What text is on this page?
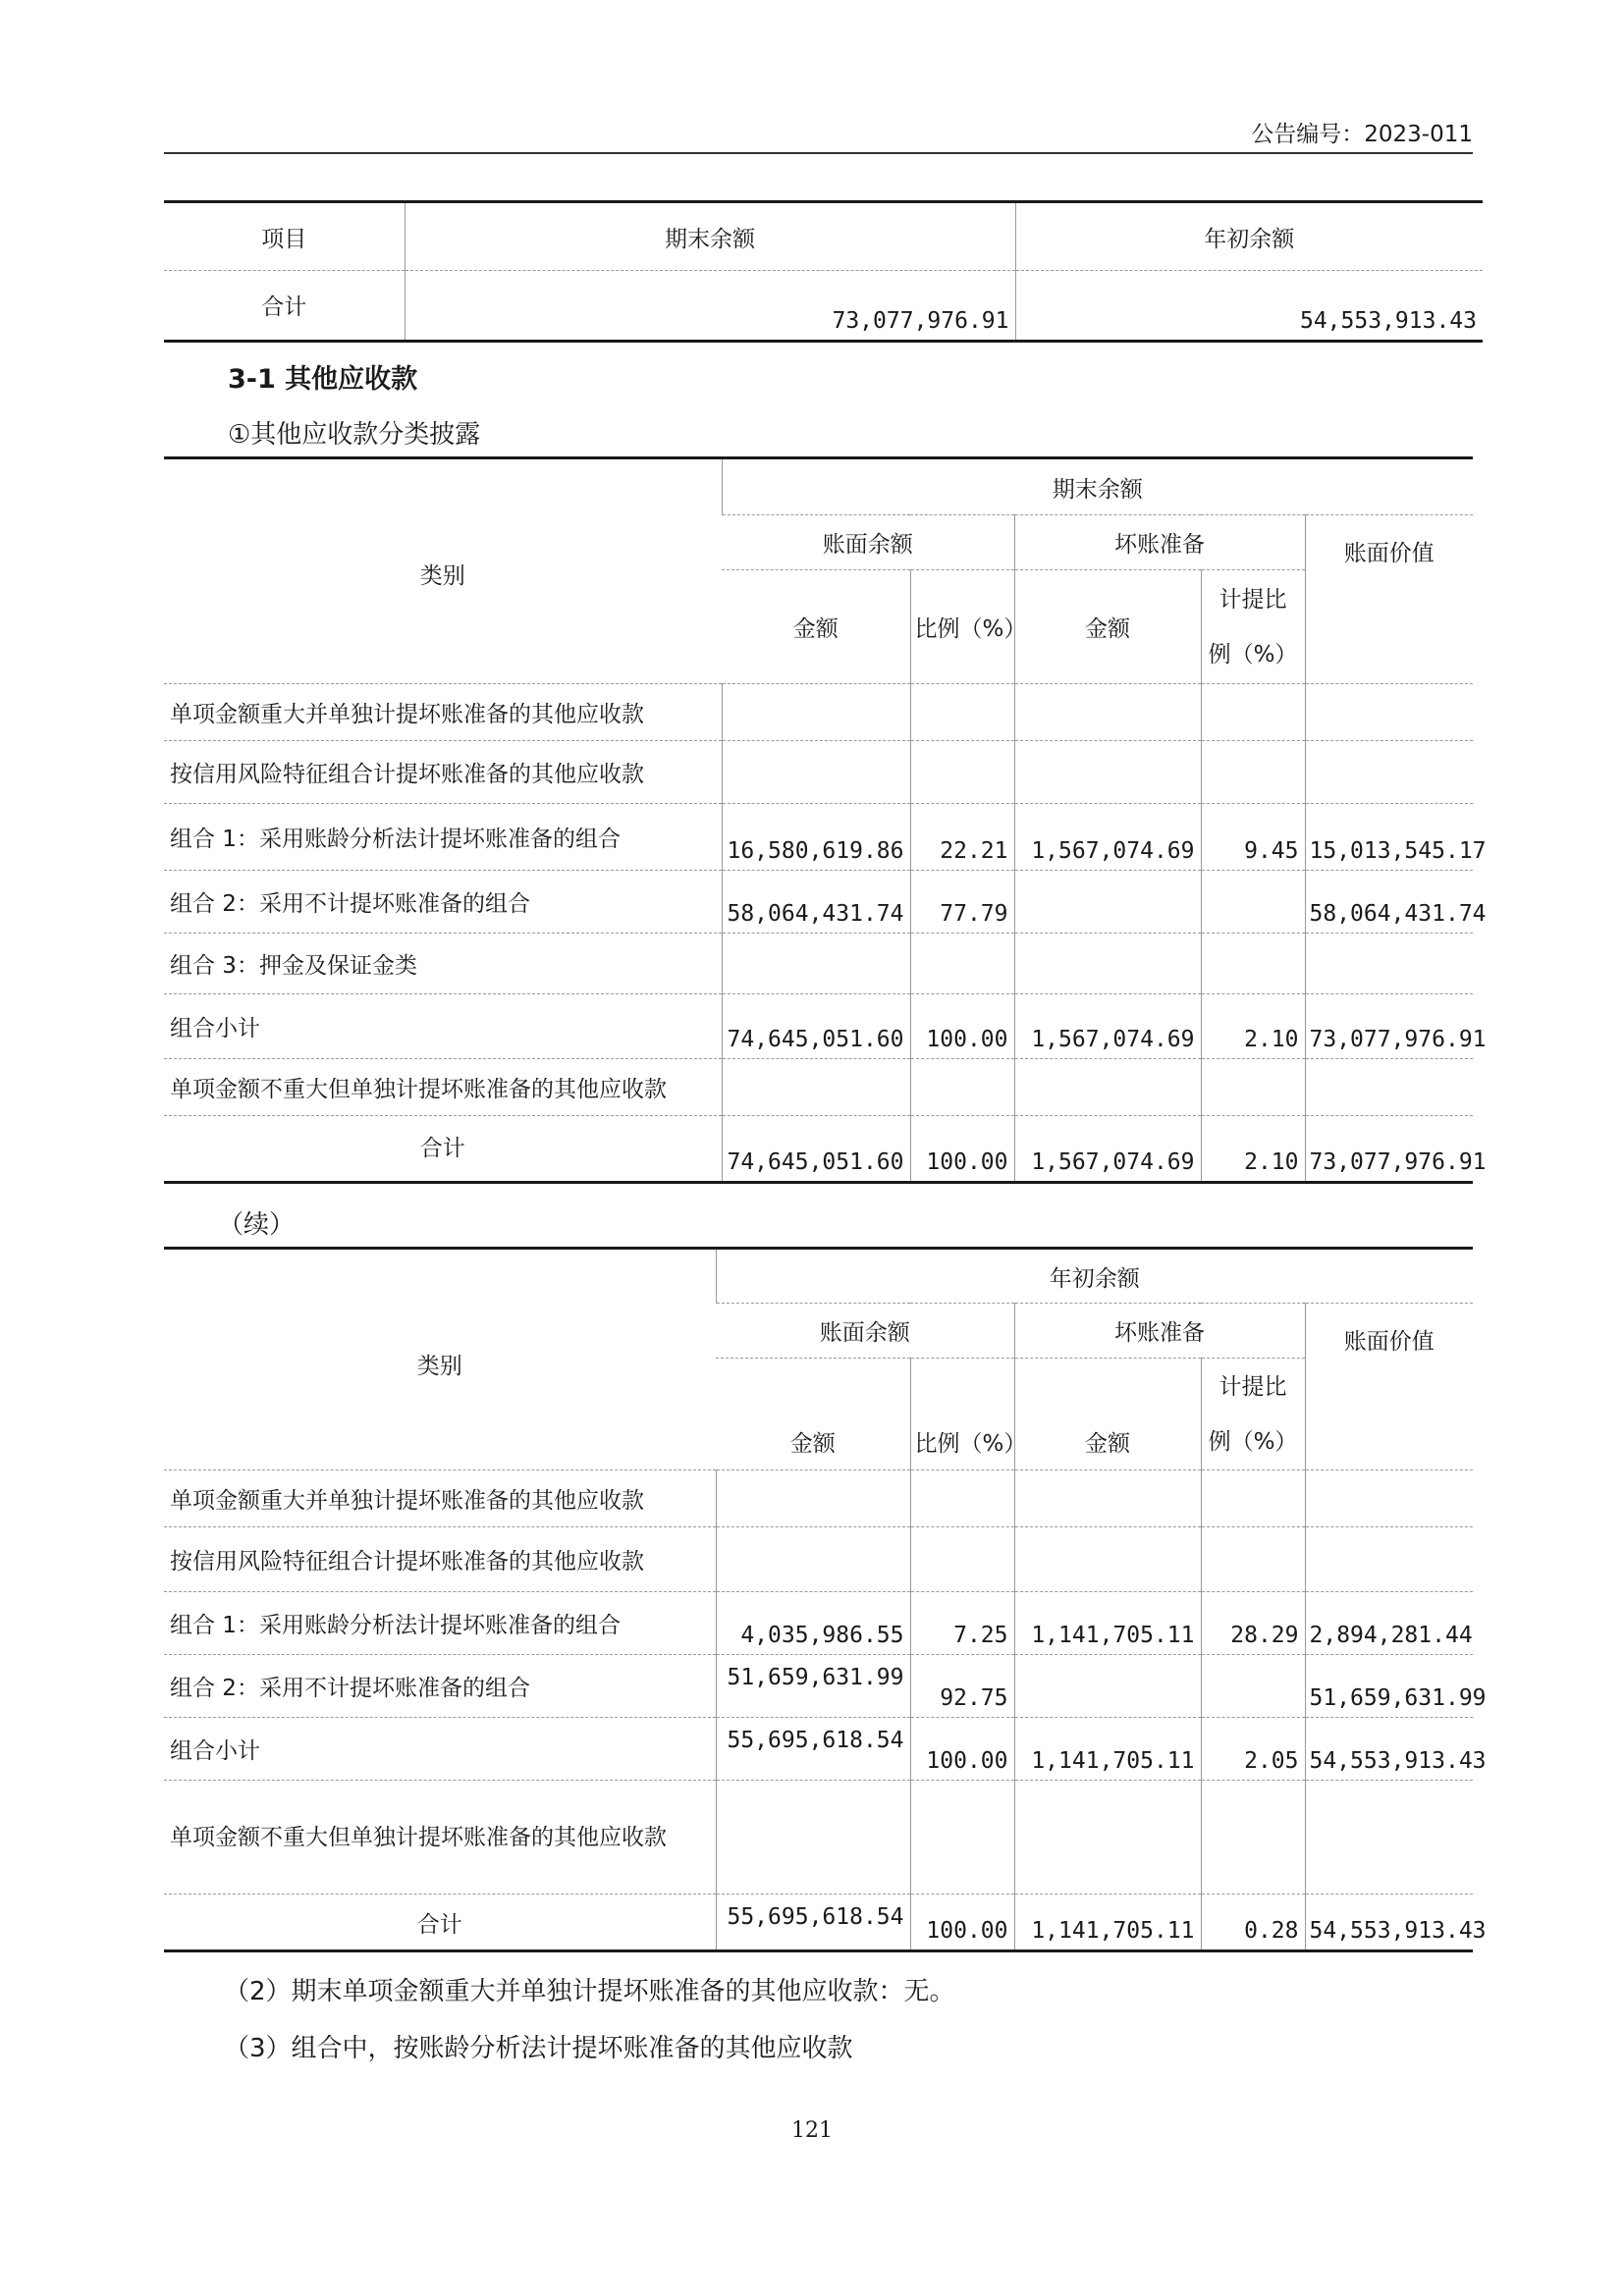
公告编号：2023-011
项目	期末余额	年初余额
合计	73,077,976.91	54,553,913.43
3-1 其他应收款
①其他应收款分类披露
类别	期末余额				
	账面余额		坏账准备		账面价值
	金额	比例（%）	金额	计提比
例（%）	

单项金额重大并单独计提坏账准备的其他应收款					
按信用风险特征组合计提坏账准备的其他应收款					
组合 1：采用账龄分析法计提坏账准备的组合	16,580,619.86	22.21	1,567,074.69	9.45	15,013,545.17
组合 2：采用不计提坏账准备的组合	58,064,431.74	77.79			58,064,431.74
组合 3：押金及保证金类					
组合小计	74,645,051.60	100.00	1,567,074.69	2.10	73,077,976.91
单项金额不重大但单独计提坏账准备的其他应收款					
合计	74,645,051.60	100.00	1,567,074.69	2.10	73,077,976.91
（续）
类别	年初余额				
	账面余额		坏账准备		账面价值
	金额	比例（%）	金额	计提比
例（%）	

单项金额重大并单独计提坏账准备的其他应收款					
按信用风险特征组合计提坏账准备的其他应收款					
组合 1：采用账龄分析法计提坏账准备的组合	4,035,986.55	7.25	1,141,705.11	28.29	2,894,281.44
组合 2：采用不计提坏账准备的组合	51,659,631.99	92.75			51,659,631.99
组合小计	55,695,618.54	100.00	1,141,705.11	2.05	54,553,913.43
单项金额不重大但单独计提坏账准备的其他应收款					
合计	55,695,618.54	100.00	1,141,705.11	0.28	54,553,913.43
（2）期末单项金额重大并单独计提坏账准备的其他应收款：无。
（3）组合中，按账龄分析法计提坏账准备的其他应收款
121
